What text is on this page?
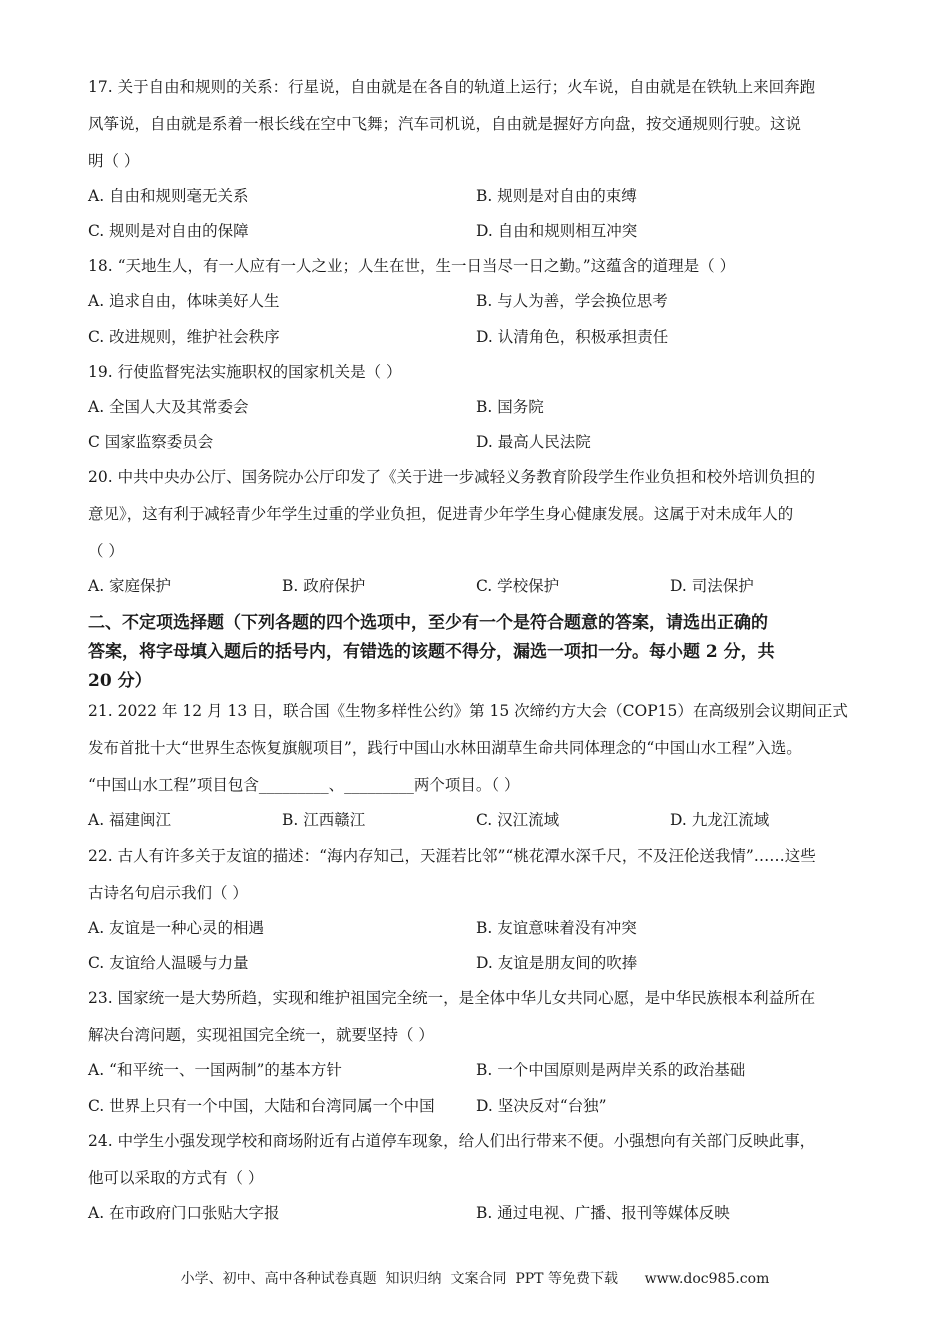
17. 关于自由和规则的关系：行星说，自由就是在各自的轨道上运行；火车说，自由就是在铁轨上来回奔跑
风筝说，自由就是系着一根长线在空中飞舞；汽车司机说，自由就是握好方向盘，按交通规则行驶。这说
明（ ）
A. 自由和规则毫无关系	B. 规则是对自由的束缚
C. 规则是对自由的保障	D. 自由和规则相互冲突
18. “天地生人，有一人应有一人之业；人生在世，生一日当尽一日之勤。”这蕴含的道理是（ ）
A. 追求自由，体味美好人生	B. 与人为善，学会换位思考
C. 改进规则，维护社会秩序	D. 认清角色，积极承担责任
19. 行使监督宪法实施职权的国家机关是（ ）
A. 全国人大及其常委会	B. 国务院
C 国家监察委员会	D. 最高人民法院
20. 中共中央办公厅、国务院办公厅印发了《关于进一步减轻义务教育阶段学生作业负担和校外培训负担的
意见》，这有利于减轻青少年学生过重的学业负担，促进青少年学生身心健康发展。这属于对未成年人的
（ ）
A. 家庭保护	B. 政府保护	C. 学校保护	D. 司法保护
二、不定项选择题（下列各题的四个选项中，至少有一个是符合题意的答案，请选出正确的
答案，将字母填入题后的括号内，有错选的该题不得分，漏选一项扣一分。每小题 2 分，共
20 分）
21. 2022 年 12 月 13 日，联合国《生物多样性公约》第 15 次缔约方大会（COP15）在高级别会议期间正式
发布首批十大“世界生态恢复旗舰项目”，践行中国山水林田湖草生命共同体理念的“中国山水工程”入选。
“中国山水工程”项目包含_________、_________两个项目。（ ）
A. 福建闽江	B. 江西赣江	C. 汉江流域	D. 九龙江流域
22. 古人有许多关于友谊的描述：“海内存知己，天涯若比邻”“桃花潭水深千尺，不及汪伦送我情”……这些
古诗名句启示我们（ ）
A. 友谊是一种心灵的相遇	B. 友谊意味着没有冲突
C. 友谊给人温暖与力量	D. 友谊是朋友间的吹捧
23. 国家统一是大势所趋，实现和维护祖国完全统一，是全体中华儿女共同心愿，是中华民族根本利益所在
解决台湾问题，实现祖国完全统一，就要坚持（ ）
A. “和平统一、一国两制”的基本方针	B. 一个中国原则是两岸关系的政治基础
C. 世界上只有一个中国，大陆和台湾同属一个中国	D. 坚决反对“台独”
24. 中学生小强发现学校和商场附近有占道停车现象，给人们出行带来不便。小强想向有关部门反映此事，
他可以采取的方式有（ ）
A. 在市政府门口张贴大字报	B. 通过电视、广播、报刊等媒体反映
小学、初中、高中各种试卷真题  知识归纳  文案合同  PPT 等免费下载      www.doc985.com
